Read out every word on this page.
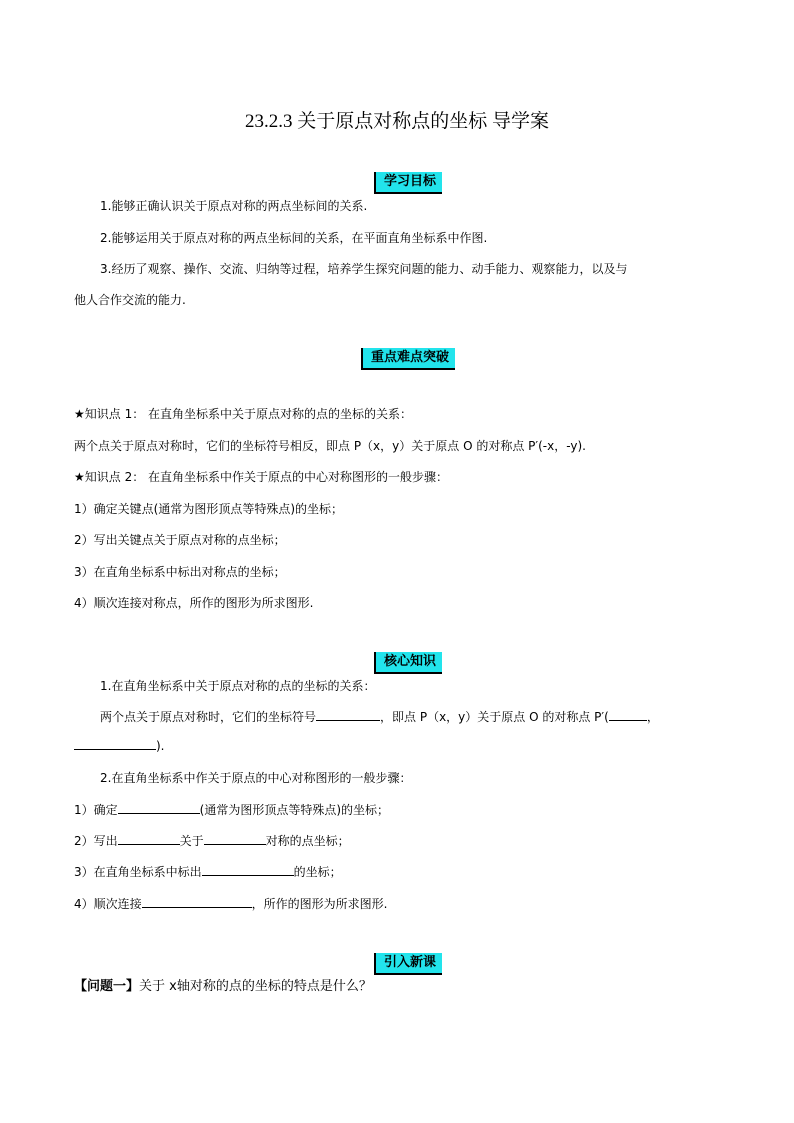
23.2.3 关于原点对称点的坐标 导学案
学习目标
1.能够正确认识关于原点对称的两点坐标间的关系.
2.能够运用关于原点对称的两点坐标间的关系，在平面直角坐标系中作图.
3.经历了观察、操作、交流、归纳等过程，培养学生探究问题的能力、动手能力、观察能力，以及与
他人合作交流的能力.
重点难点突破
★知识点 1： 在直角坐标系中关于原点对称的点的坐标的关系：
两个点关于原点对称时，它们的坐标符号相反，即点 P（x，y）关于原点 O 的对称点 P′(-x，-y).
★知识点 2： 在直角坐标系中作关于原点的中心对称图形的一般步骤：
1）确定关键点(通常为图形顶点等特殊点)的坐标；
2）写出关键点关于原点对称的点坐标；
3）在直角坐标系中标出对称点的坐标；
4）顺次连接对称点，所作的图形为所求图形.
核心知识
1.在直角坐标系中关于原点对称的点的坐标的关系：
两个点关于原点对称时，它们的坐标符号	，即点 P（x，y）关于原点 O 的对称点 P′(	，
).
2.在直角坐标系中作关于原点的中心对称图形的一般步骤：
1）确定	(通常为图形顶点等特殊点)的坐标；
2）写出	关于	对称的点坐标；
3）在直角坐标系中标出	的坐标；
4）顺次连接	，所作的图形为所求图形.
引入新课
【问题一】关于 x轴对称的点的坐标的特点是什么？
